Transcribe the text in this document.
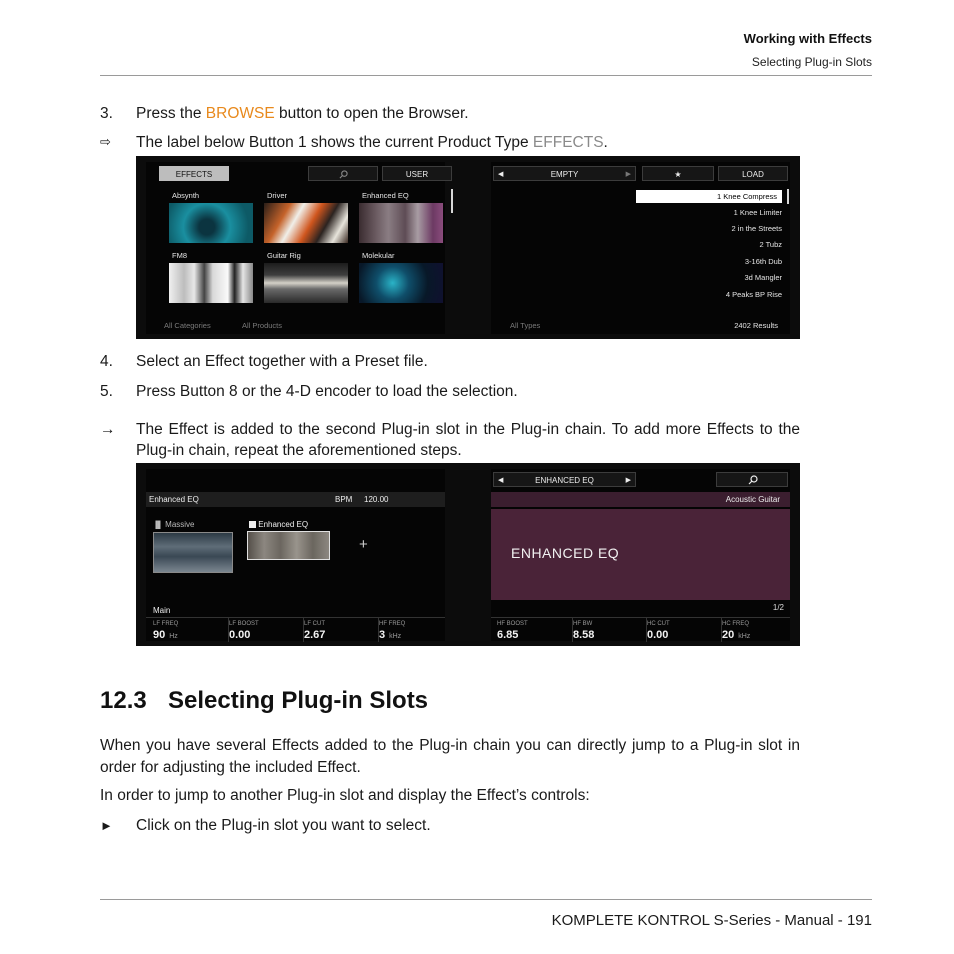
Working with Effects
Selecting Plug-in Slots
3. Press the BROWSE button to open the Browser.
⇨ The label below Button 1 shows the current Product Type EFFECTS.
EFFECTS	USER
Absynth	Driver	Enhanced EQ
FM8	Guitar Rig	Molekular
All Categories	All Products
◀	EMPTY	▶	★	LOAD
1 Knee Compress
1 Knee Limiter
2 in the Streets
2 Tubz
3-16th Dub
3d Mangler
4 Peaks BP Rise
All Types	2402 Results
4. Select an Effect together with a Preset file.
5. Press Button 8 or the 4-D encoder to load the selection.
→ The Effect is added to the second Plug-in slot in the Plug-in chain. To add more Effects to the Plug-in chain, repeat the aforementioned steps.
Enhanced EQ	BPM 120.00
▐▌ Massive	Enhanced EQ
+
Main
LF FREQ
90 Hz
LF BOOST
0.00
LF CUT
2.67
HF FREQ
3 kHz
◀	ENHANCED EQ	▶
Acoustic Guitar
ENHANCED EQ
1/2
HF BOOST
6.85
HF BW
8.58
HC CUT
0.00
HC FREQ
20 kHz
12.3 Selecting Plug-in Slots
When you have several Effects added to the Plug-in chain you can directly jump to a Plug-in slot in order for adjusting the included Effect.
In order to jump to another Plug-in slot and display the Effect’s controls:
► Click on the Plug-in slot you want to select.
KOMPLETE KONTROL S-Series - Manual - 191
